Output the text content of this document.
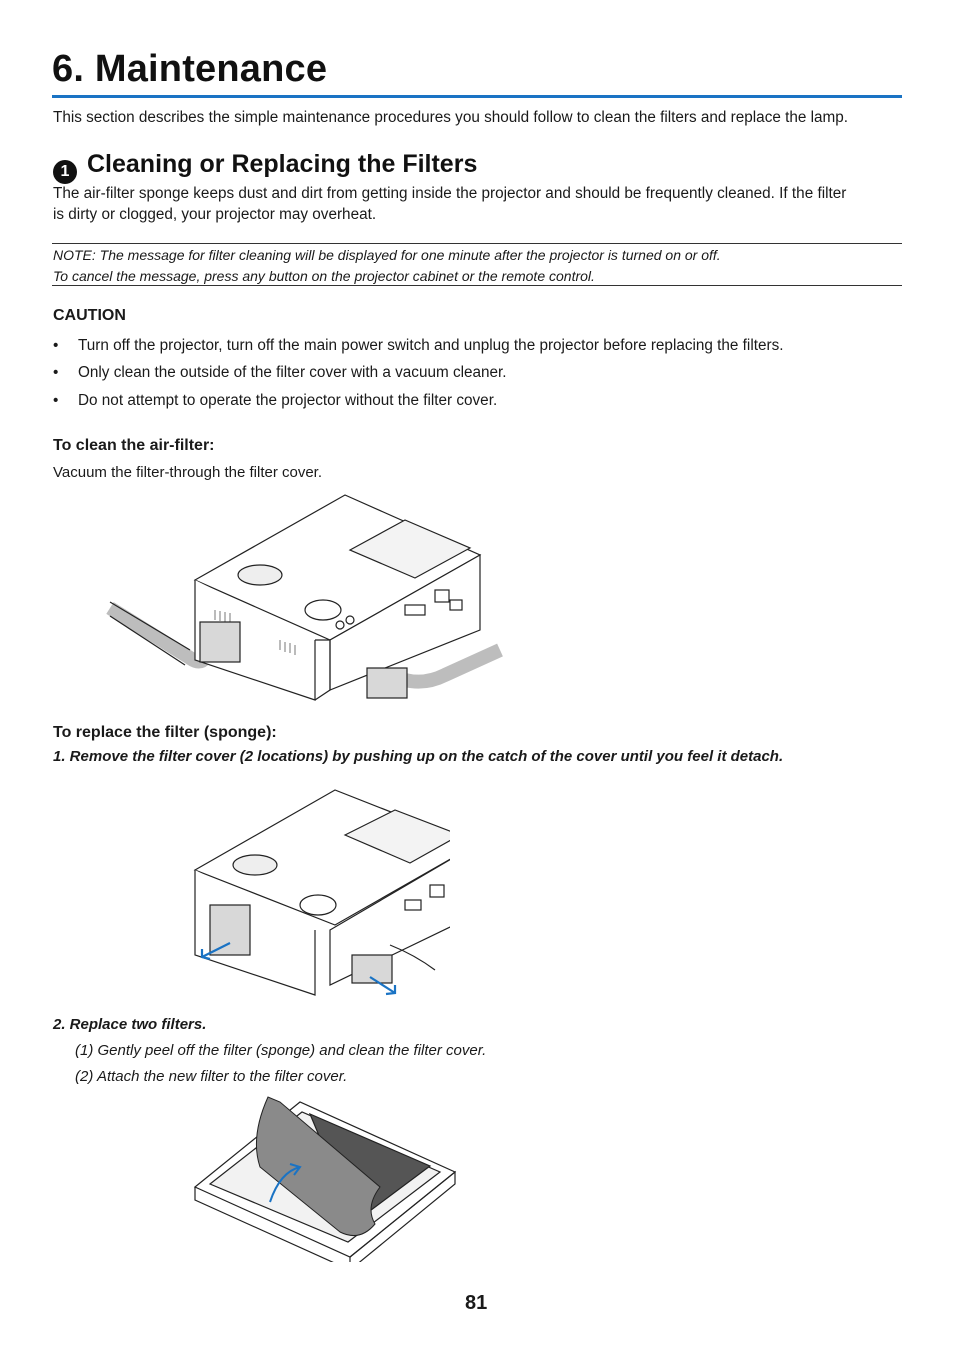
6. Maintenance
This section describes the simple maintenance procedures you should follow to clean the filters and replace the lamp.
1 Cleaning or Replacing the Filters
The air-filter sponge keeps dust and dirt from getting inside the projector and should be frequently cleaned. If the filter
is dirty or clogged, your projector may overheat.
NOTE: The message for filter cleaning will be displayed for one minute after the projector is turned on or off.
To cancel the message, press any button on the projector cabinet or the remote control.
CAUTION
• Turn off the projector, turn off the main power switch and unplug the projector before replacing the filters.
• Only clean the outside of the filter cover with a vacuum cleaner.
• Do not attempt to operate the projector without the filter cover.
To clean the air-filter:
Vacuum the filter-through the filter cover.
To replace the filter (sponge):
1. Remove the filter cover (2 locations) by pushing up on the catch of the cover until you feel it detach.
2. Replace two filters.
(1) Gently peel off the filter (sponge) and clean the filter cover.
(2) Attach the new filter to the filter cover.
81
